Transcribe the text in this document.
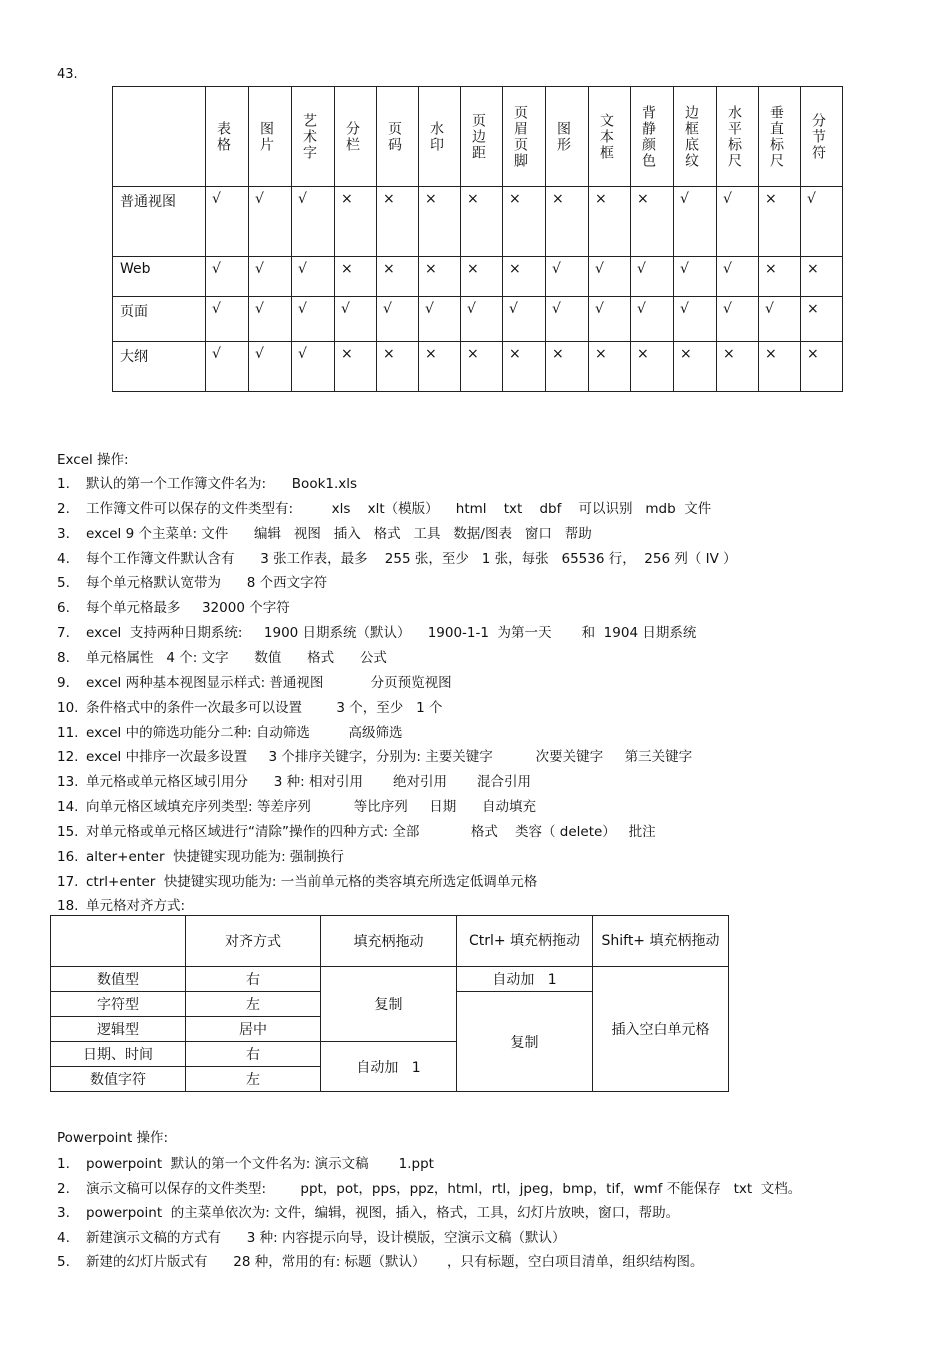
43.

	表格	图片	艺术字	分栏	页码	水印	页边距	页眉页脚	图形	文本框	背静颜色	边框底纹	水平标尺	垂直标尺	分节符

普通视图	√	√	√	×	×	×	×	×	×	×	×	√	√	×	√
Web	√	√	√	×	×	×	×	×	√	√	√	√	√	×	×
页面	√	√	√	√	√	√	√	√	√	√	√	√	√	√	×
大纲	√	√	√	×	×	×	×	×	×	×	×	×	×	×	×
Excel 操作:
1. 默认的第一个工作簿文件名为:      Book1.xls
2. 工作簿文件可以保存的文件类型有:         xls    xlt（模版）    html    txt    dbf    可以识别   mdb  文件
3. excel 9 个主菜单: 文件      编辑   视图   插入   格式   工具   数据/图表   窗口   帮助
4. 每个工作簿文件默认含有      3 张工作表，最多    255 张，至少   1 张，每张   65536 行，  256 列（ IV ）
5. 每个单元格默认宽带为      8 个西文字符
6. 每个单元格最多     32000 个字符
7. excel  支持两种日期系统:     1900 日期系统（默认）    1900-1-1  为第一天       和  1904 日期系统
8. 单元格属性   4 个: 文字      数值      格式      公式
9. excel 两种基本视图显示样式: 普通视图           分页预览视图
10. 条件格式中的条件一次最多可以设置        3 个，至少   1 个
11. excel 中的筛选功能分二种: 自动筛选         高级筛选
12. excel 中排序一次最多设置     3 个排序关键字，分别为: 主要关键字          次要关键字     第三关键字
13. 单元格或单元格区域引用分      3 种: 相对引用       绝对引用       混合引用
14. 向单元格区域填充序列类型: 等差序列          等比序列     日期      自动填充
15. 对单元格或单元格区域进行“清除”操作的四种方式: 全部            格式    类容（ delete）   批注
16. alter+enter  快捷键实现功能为: 强制换行
17. ctrl+enter  快捷键实现功能为: 一当前单元格的类容填充所选定低调单元格
18. 单元格对齐方式:
	对齐方式	填充柄拖动	Ctrl+ 填充柄拖动	Shift+ 填充柄拖动
数值型	右	复制	自动加   1	插入空白单元格
字符型	左		复制	
逻辑型	居中			
日期、时间	右	自动加   1		
数值字符	左			
Powerpoint 操作:
1. powerpoint  默认的第一个文件名为: 演示文稿       1.ppt
2. 演示文稿可以保存的文件类型:        ppt，pot，pps，ppz，html，rtl，jpeg，bmp，tif，wmf 不能保存   txt  文档。
3. powerpoint  的主菜单依次为: 文件，编辑，视图，插入，格式，工具，幻灯片放映，窗口，帮助。
4. 新建演示文稿的方式有      3 种: 内容提示向导，设计模版，空演示文稿（默认）
5. 新建的幻灯片版式有      28 种，常用的有: 标题（默认）     ，只有标题，空白项目清单，组织结构图。
